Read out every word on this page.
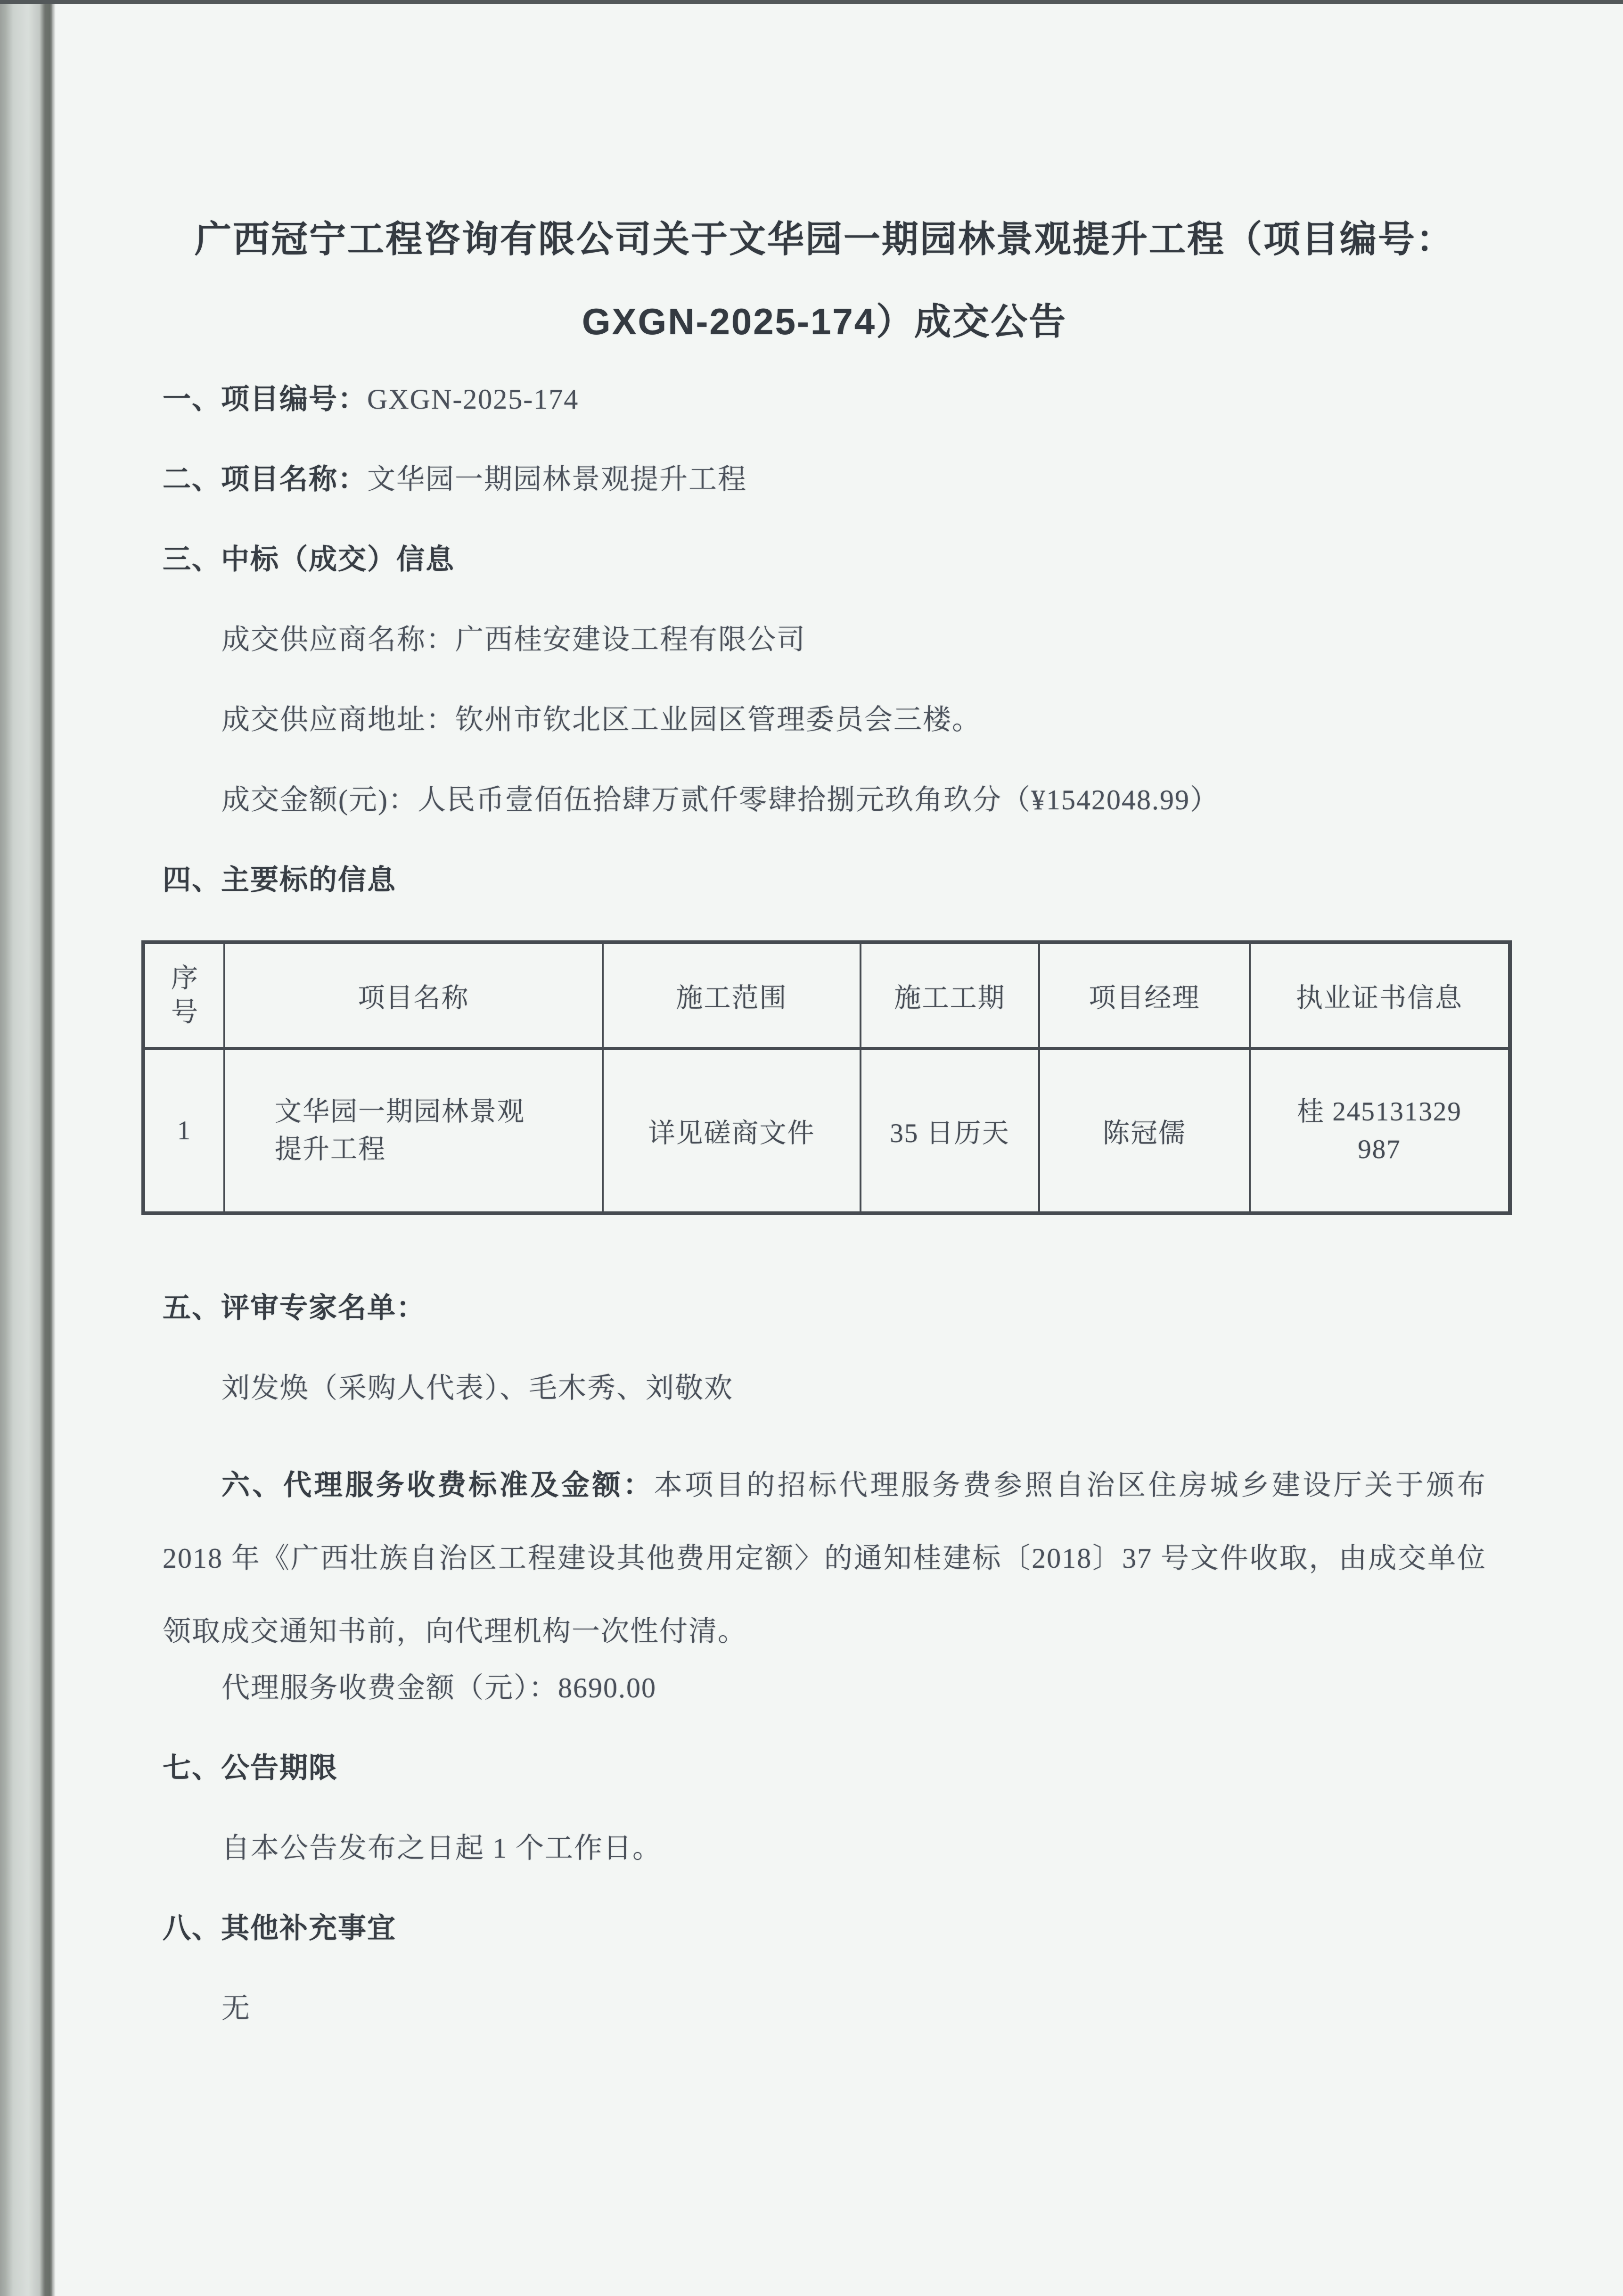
广西冠宁工程咨询有限公司关于文华园一期园林景观提升工程（项目编号：
GXGN-2025-174）成交公告

一、项目编号：GXGN-2025-174

二、项目名称：文华园一期园林景观提升工程

三、中标（成交）信息

成交供应商名称：广西桂安建设工程有限公司

成交供应商地址：钦州市钦北区工业园区管理委员会三楼。

成交金额(元)：人民币壹佰伍拾肆万贰仟零肆拾捌元玖角玖分（¥1542048.99）

四、主要标的信息

序号	项目名称	施工范围	施工工期	项目经理	执业证书信息
1	文华园一期园林景观提升工程	详见磋商文件	35 日历天	陈冠儒	桂 245131329987

五、评审专家名单：

刘发焕（采购人代表）、毛木秀、刘敬欢

六、代理服务收费标准及金额：本项目的招标代理服务费参照自治区住房城乡建设厅关于颁布 2018 年《广西壮族自治区工程建设其他费用定额〉的通知桂建标〔2018〕37 号文件收取，由成交单位领取成交通知书前，向代理机构一次性付清。

代理服务收费金额（元）：8690.00

七、公告期限

自本公告发布之日起 1 个工作日。

八、其他补充事宜

无
